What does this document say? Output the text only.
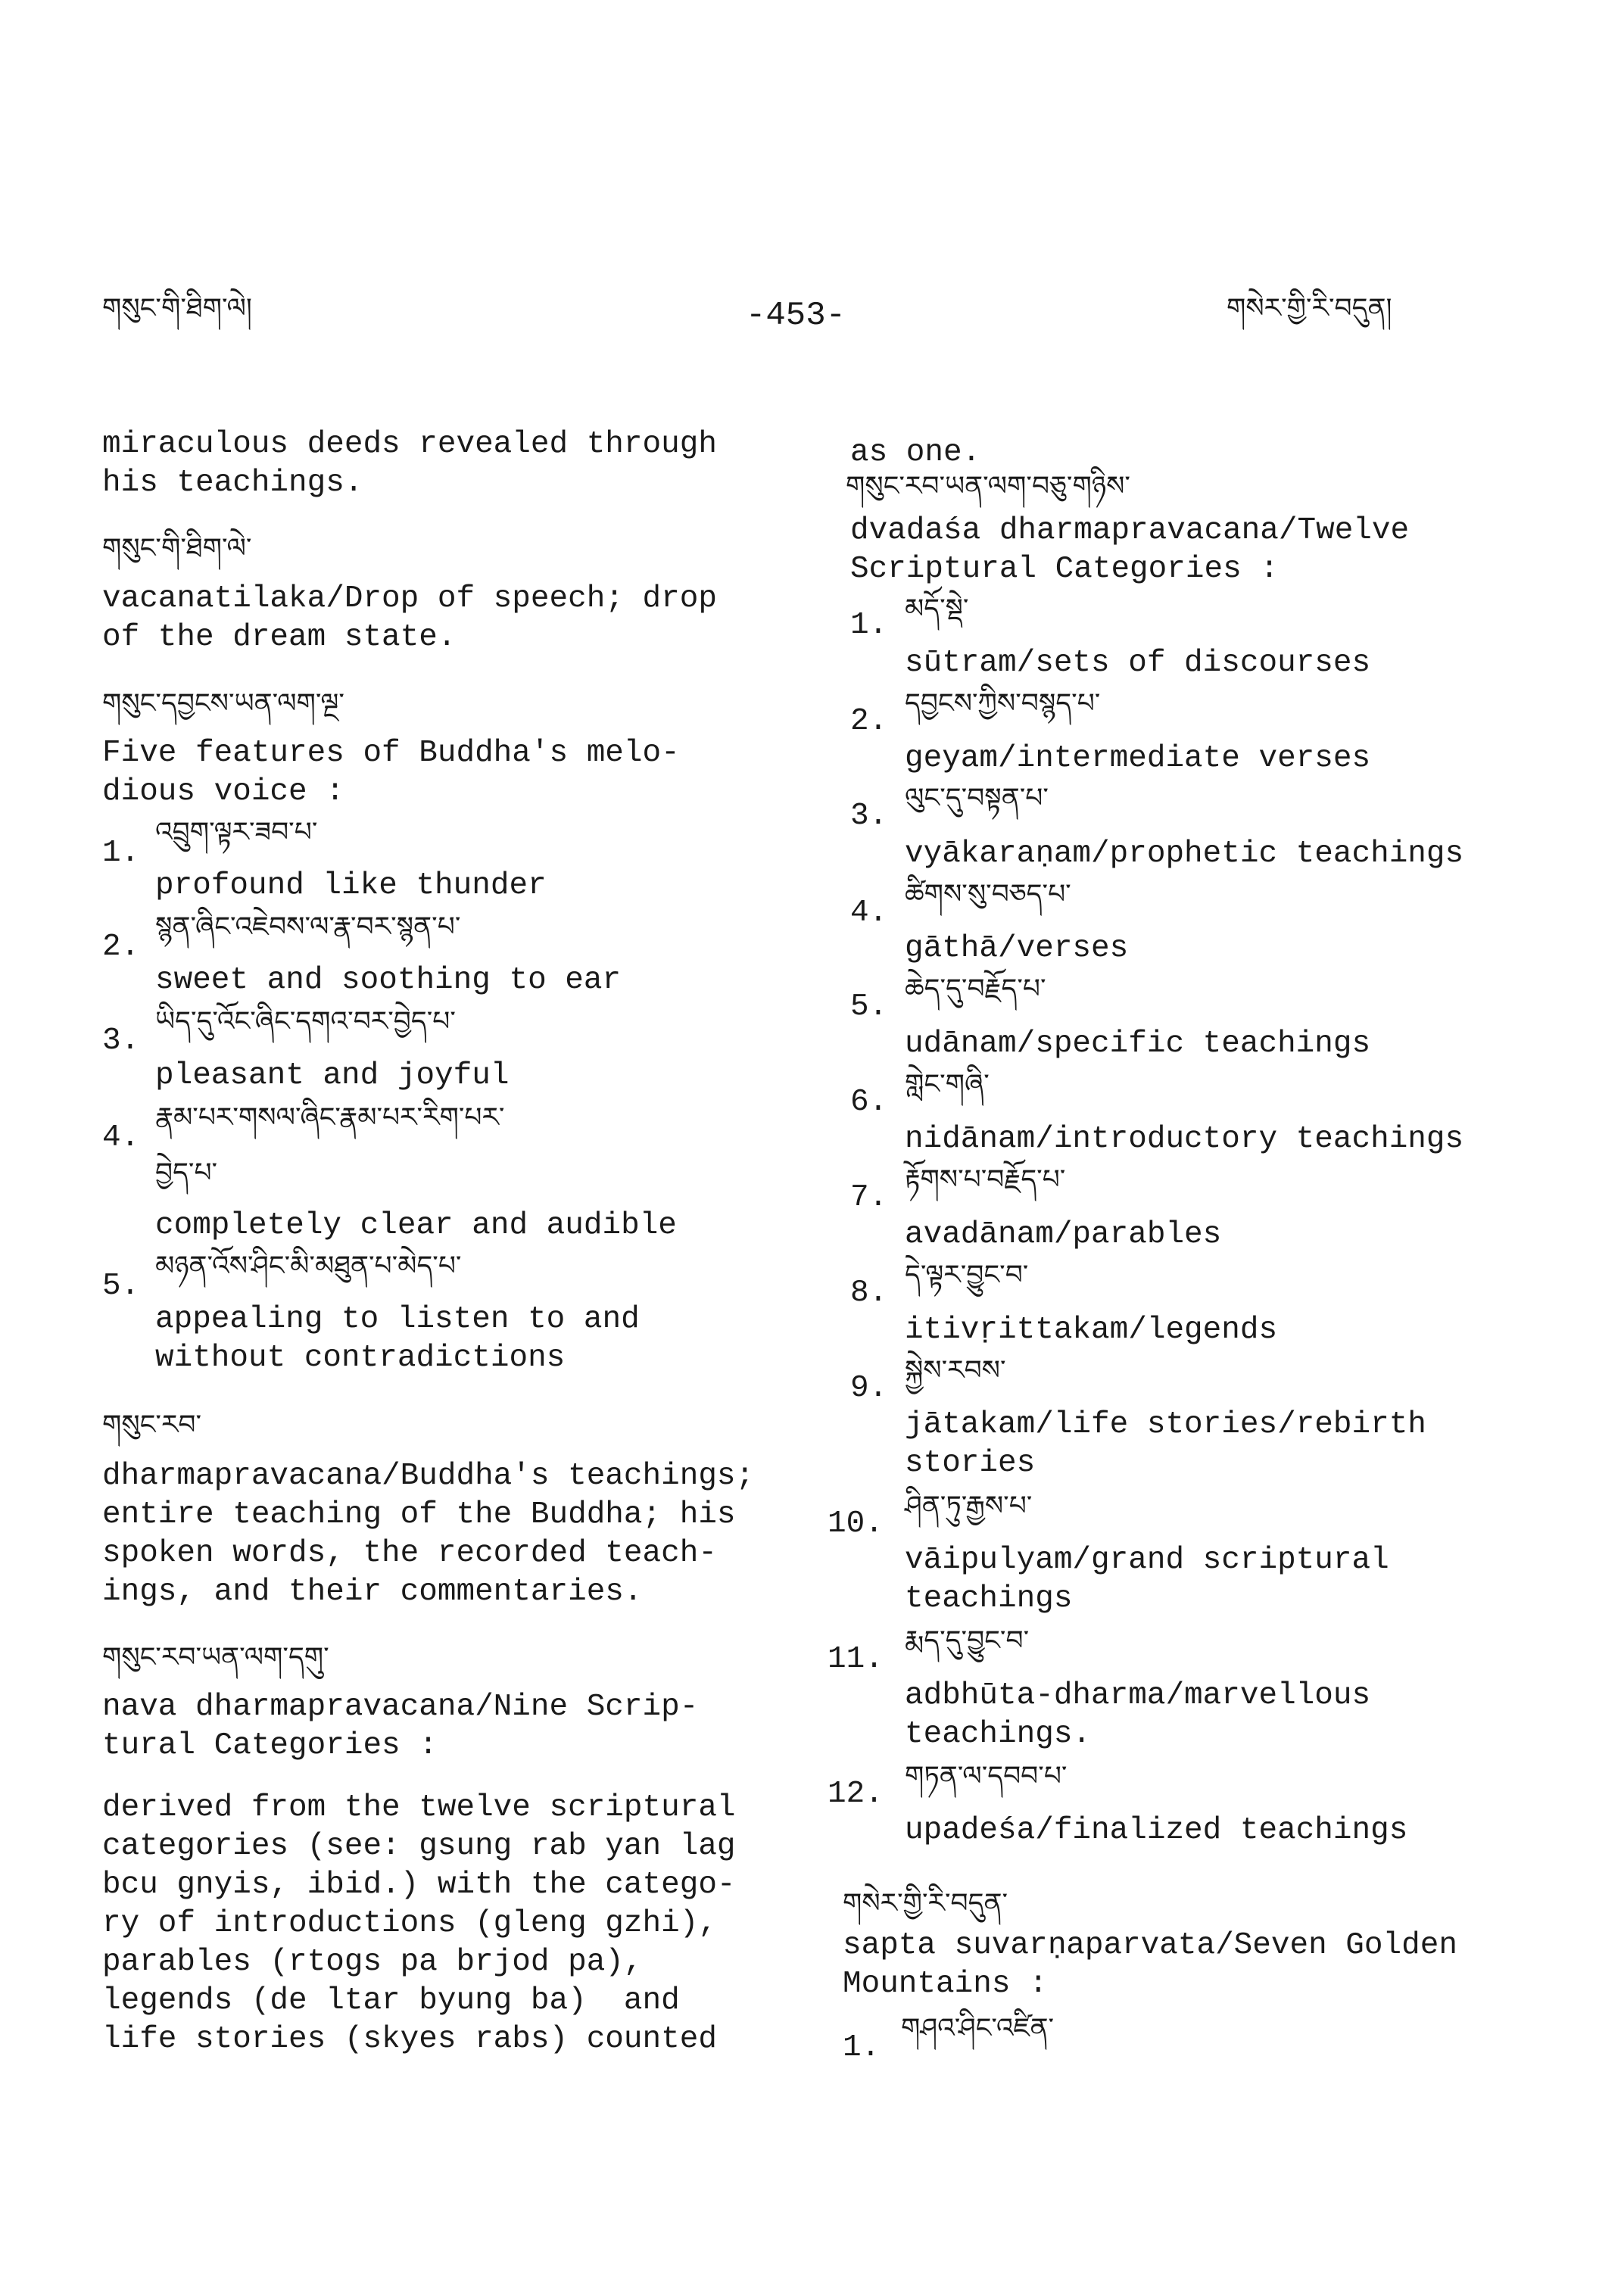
གསུང་གི་ཐིག་ལེ།	-453-	གསེར་གྱི་རི་བདུན།
miraculous deeds revealed through
his teachings.
གསུང་གི་ཐིག་ལེ་
vacanatilaka/Drop of speech; drop
of the dream state.
གསུང་དབྱངས་ཡན་ལག་ལྔ་
Five features of Buddha's melo-
dious voice :
1.
འབྲུག་ལྟར་ཟབ་པ་
profound like thunder
2.
སྙན་ཞིང་འཇེབས་ལ་རྣ་བར་སྙན་པ་
sweet and soothing to ear
3.
ཡིད་དུ་འོང་ཞིང་དགའ་བར་བྱེད་པ་
pleasant and joyful
4.
རྣམ་པར་གསལ་ཞིང་རྣམ་པར་རིག་པར་
བྱེད་པ་
completely clear and audible
5.
མཉན་འོས་ཤིང་མི་མཐུན་པ་མེད་པ་
appealing to listen to and
without contradictions
གསུང་རབ་
dharmapravacana/Buddha's teachings;
entire teaching of the Buddha; his
spoken words, the recorded teach-
ings, and their commentaries.
གསུང་རབ་ཡན་ལག་དགུ་
nava dharmapravacana/Nine Scrip-
tural Categories :
derived from the twelve scriptural
categories (see: gsung rab yan lag
bcu gnyis, ibid.) with the catego-
ry of introductions (gleng gzhi),
parables (rtogs pa brjod pa),
legends (de ltar byung ba)  and
life stories (skyes rabs) counted
as one.
གསུང་རབ་ཡན་ལག་བཅུ་གཉིས་
dvadaśa dharmapravacana/Twelve
Scriptural Categories :
1. མདོ་སྡེ་
sūtram/sets of discourses
2.
དབྱངས་ཀྱིས་བསྙད་པ་
geyam/intermediate verses
3.
ལུང་དུ་བསྟན་པ་
vyākaraṇam/prophetic teachings
4.
ཚིགས་སུ་བཅད་པ་
gāthā/verses
5.
ཆེད་དུ་བརྗོད་པ་
udānam/specific teachings
6.
གླེང་གཞི་
nidānam/introductory teachings
7.
རྟོགས་པ་བརྗོད་པ་
avadānam/parables
8.
དེ་ལྟར་བྱུང་བ་
itivṛittakam/legends
9.
སྐྱེས་རབས་
jātakam/life stories/rebirth
stories
10.
ཤིན་ཏུ་རྒྱས་པ་
vāipulyam/grand scriptural
teachings
11.
རྨད་དུ་བྱུང་བ་
adbhūta-dharma/marvellous
teachings.
12.
གཏན་ལ་དབབ་པ་
upadeśa/finalized teachings
གསེར་གྱི་རི་བདུན་
sapta suvarṇaparvata/Seven Golden
Mountains :
1.
གཤའ་ཤིང་འཛིན་
